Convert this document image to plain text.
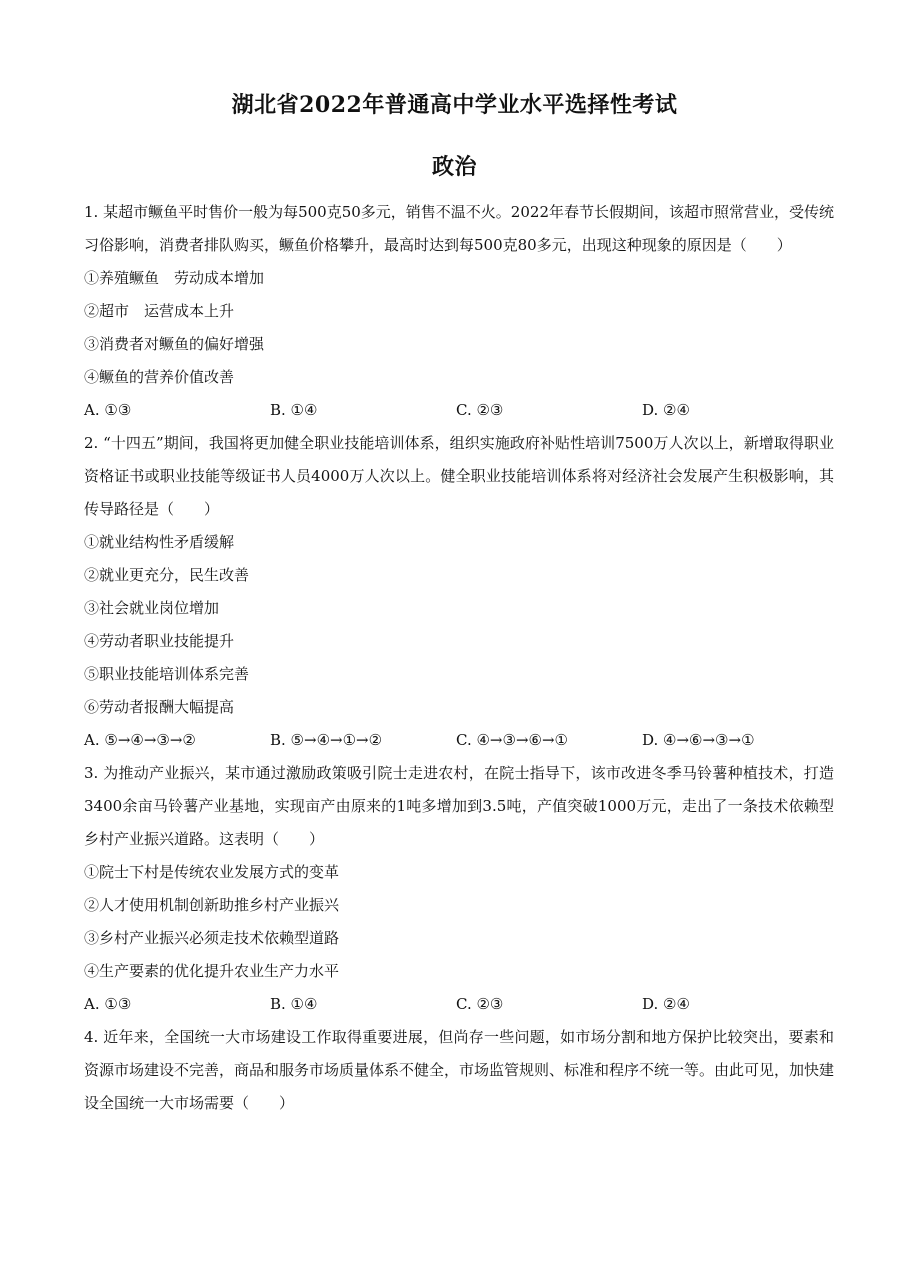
湖北省2022年普通高中学业水平选择性考试
政治

1. 某超市鳜鱼平时售价一般为每500克50多元，销售不温不火。2022年春节长假期间，该超市照常营业，受传统习俗影响，消费者排队购买，鳜鱼价格攀升，最高时达到每500克80多元，出现这种现象的原因是（　　）

①养殖鳜鱼　劳动成本增加

②超市　运营成本上升

③消费者对鳜鱼的偏好增强

④鳜鱼的营养价值改善

A. ①③	B. ①④	C. ②③	D. ②④

2. “十四五”期间，我国将更加健全职业技能培训体系，组织实施政府补贴性培训7500万人次以上，新增取得职业资格证书或职业技能等级证书人员4000万人次以上。健全职业技能培训体系将对经济社会发展产生积极影响，其传导路径是（　　）

①就业结构性矛盾缓解

②就业更充分，民生改善

③社会就业岗位增加

④劳动者职业技能提升

⑤职业技能培训体系完善

⑥劳动者报酬大幅提高

A. ⑤→④→③→②	B. ⑤→④→①→②	C. ④→③→⑥→①	D. ④→⑥→③→①

3. 为推动产业振兴，某市通过激励政策吸引院士走进农村，在院士指导下，该市改进冬季马铃薯种植技术，打造3400余亩马铃薯产业基地，实现亩产由原来的1吨多增加到3.5吨，产值突破1000万元，走出了一条技术依赖型乡村产业振兴道路。这表明（　　）

①院士下村是传统农业发展方式的变革

②人才使用机制创新助推乡村产业振兴

③乡村产业振兴必须走技术依赖型道路

④生产要素的优化提升农业生产力水平

A. ①③	B. ①④	C. ②③	D. ②④

4. 近年来，全国统一大市场建设工作取得重要进展，但尚存一些问题，如市场分割和地方保护比较突出，要素和资源市场建设不完善，商品和服务市场质量体系不健全，市场监管规则、标准和程序不统一等。由此可见，加快建设全国统一大市场需要（　　）
